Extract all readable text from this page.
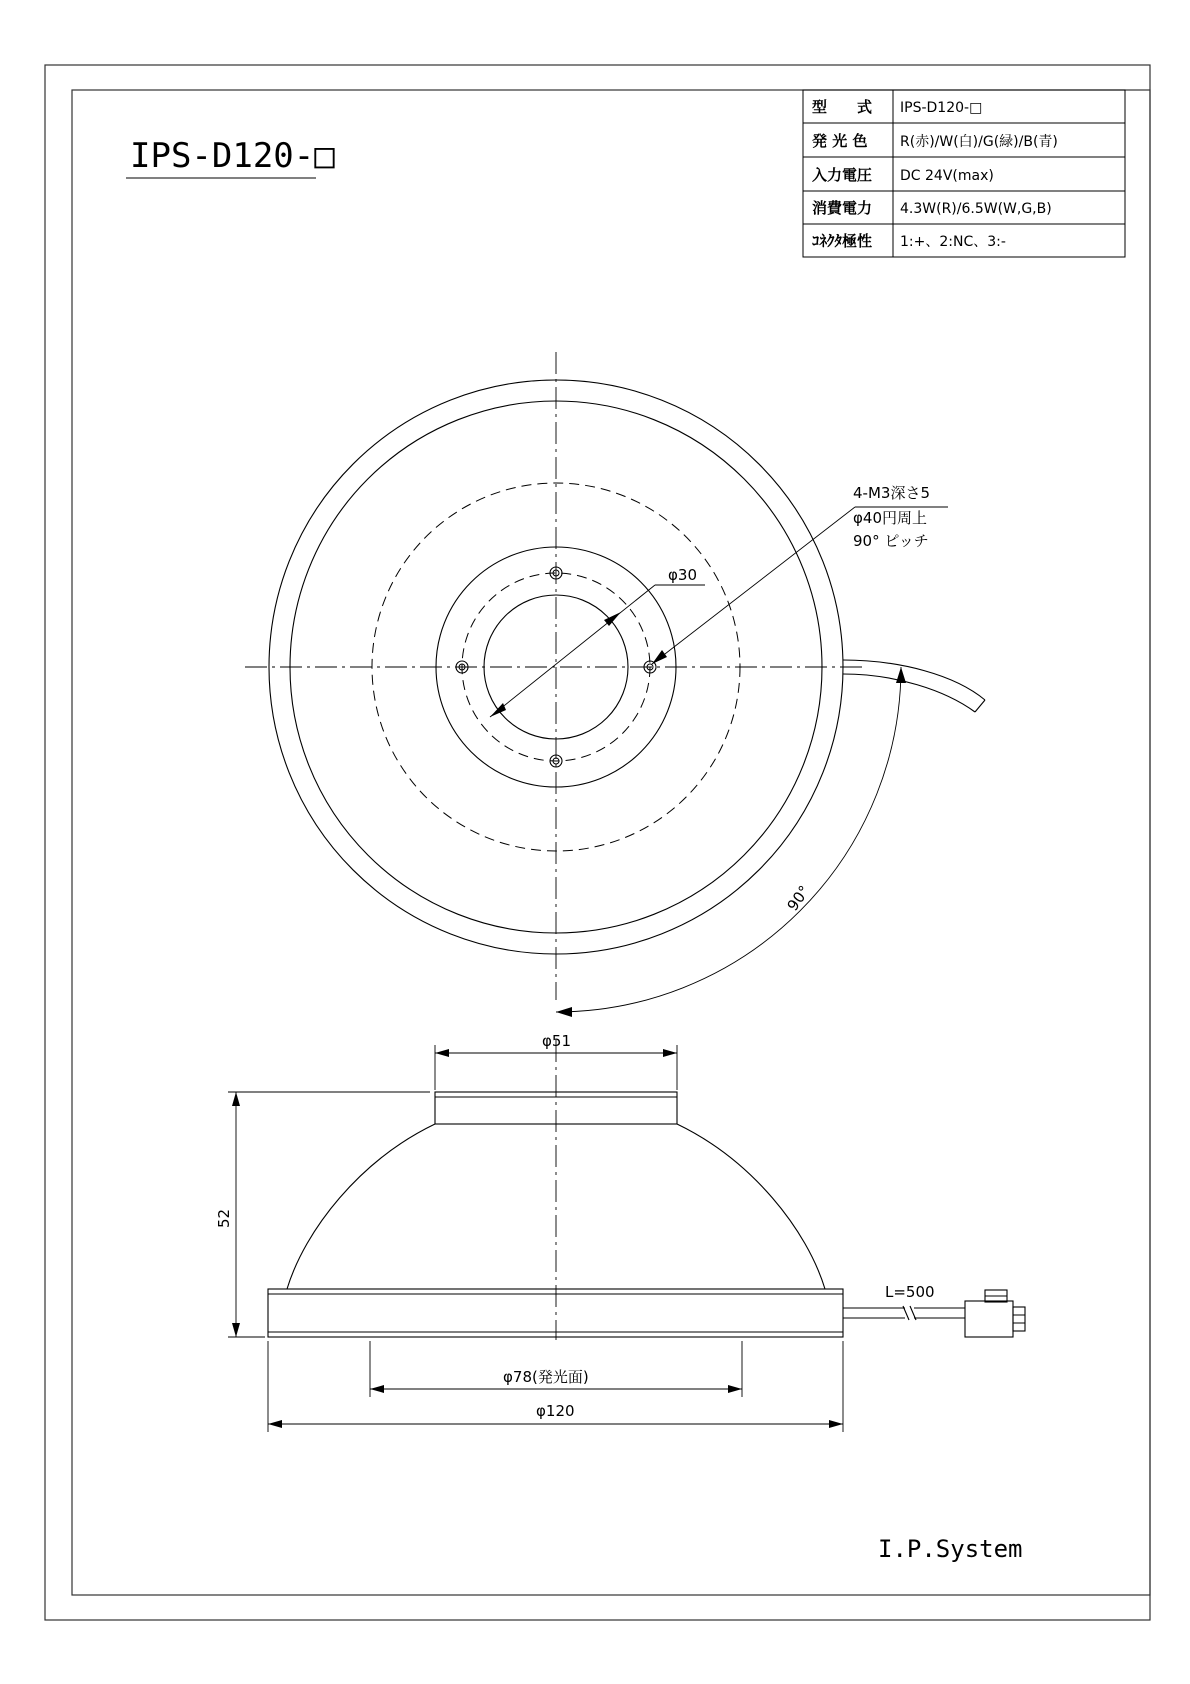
IPS-D120-□
型　　式 IPS-D120-□
発 光 色 R(赤)/W(白)/G(緑)/B(青)
入力電圧 DC 24V(max)
消費電力 4.3W(R)/6.5W(W,G,B)
ｺﾈｸﾀ極性 1:+、2:NC、3:-
φ30
4-M3深さ5
φ40円周上
90° ピッチ
90°
L=500
φ51
52
φ78(発光面)
φ120
I.P.System
